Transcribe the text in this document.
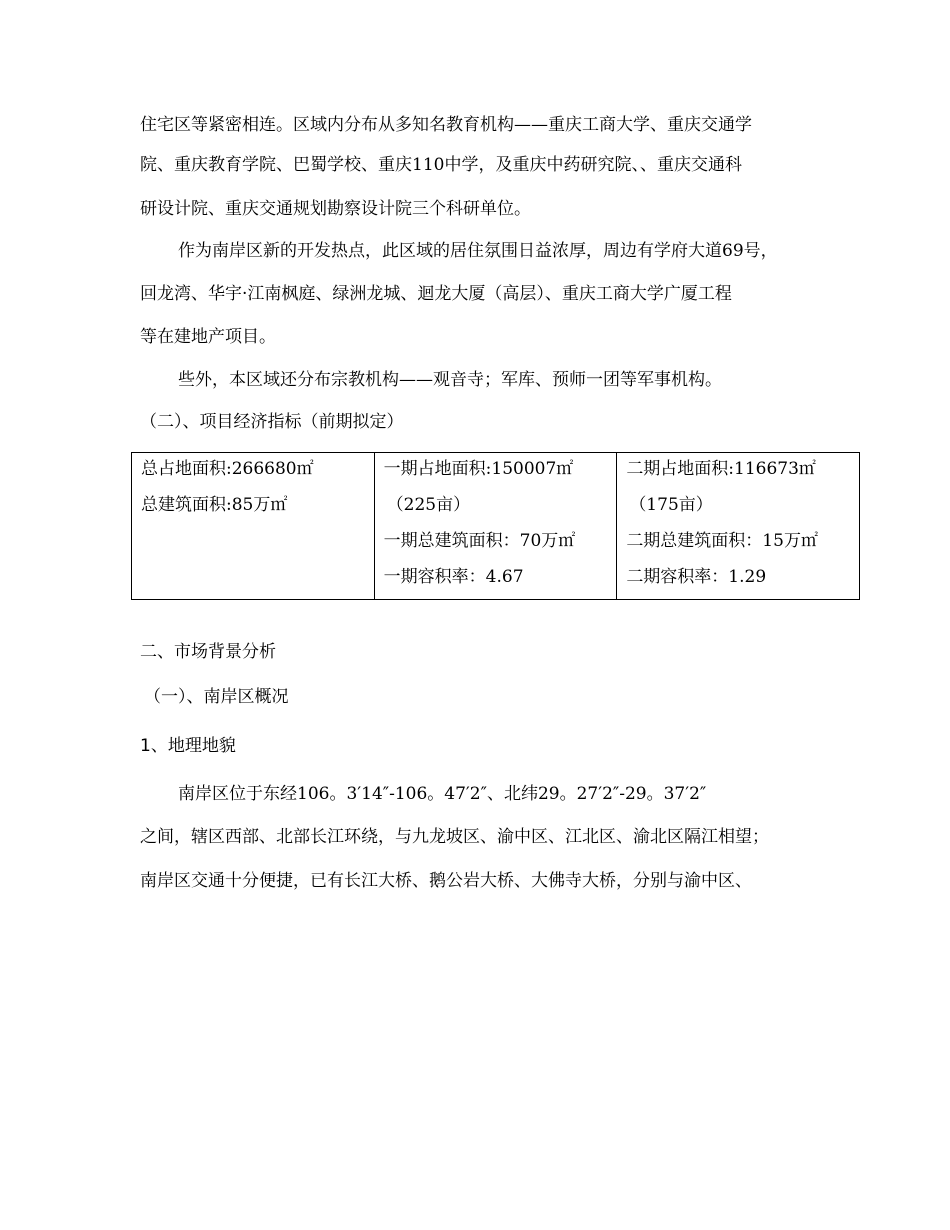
住宅区等紧密相连。区域内分布从多知名教育机构——重庆工商大学、重庆交通学
院、重庆教育学院、巴蜀学校、重庆110中学，及重庆中药研究院、、重庆交通科
研设计院、重庆交通规划勘察设计院三个科研单位。
作为南岸区新的开发热点，此区域的居住氛围日益浓厚，周边有学府大道69号，
回龙湾、华宇·江南枫庭、绿洲龙城、迴龙大厦（高层）、重庆工商大学广厦工程
等在建地产项目。
些外，本区域还分布宗教机构——观音寺；军库、预师一团等军事机构。
（二）、项目经济指标（前期拟定）
总占地面积:266680㎡
总建筑面积:85万㎡

一期占地面积:150007㎡
（225亩）
一期总建筑面积：70万㎡
一期容积率：4.67

二期占地面积:116673㎡
（175亩）
二期总建筑面积：15万㎡
二期容积率：1.29
二、市场背景分析
（一）、南岸区概况
1、地理地貌
南岸区位于东经106。3′14″-106。47′2″、北纬29。27′2″-29。37′2″
之间，辖区西部、北部长江环绕，与九龙坡区、渝中区、江北区、渝北区隔江相望；
南岸区交通十分便捷，已有长江大桥、鹅公岩大桥、大佛寺大桥，分别与渝中区、
